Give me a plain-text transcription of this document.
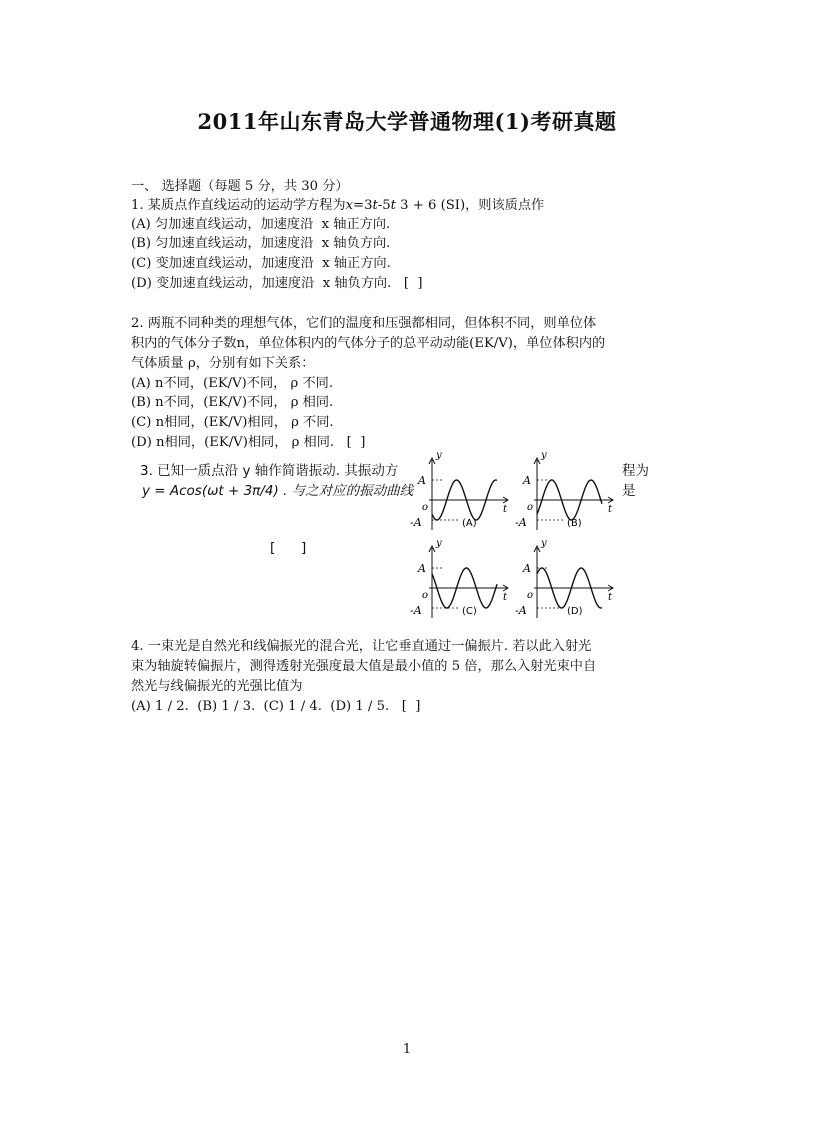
2011年山东青岛大学普通物理(1)考研真题
一、 选择题（每题 5 分，共 30 分）
1. 某质点作直线运动的运动学方程为x=3t-5t 3 + 6 (SI)，则该质点作
(A) 匀加速直线运动，加速度沿  x 轴正方向.
(B) 匀加速直线运动，加速度沿  x 轴负方向.
(C) 变加速直线运动，加速度沿  x 轴正方向.
(D) 变加速直线运动，加速度沿  x 轴负方向.   [  ]
2. 两瓶不同种类的理想气体，它们的温度和压强都相同，但体积不同，则单位体
积内的气体分子数n，单位体积内的气体分子的总平动动能(EK/V)，单位体积内的
气体质量 ρ，分别有如下关系：
(A) n不同，(EK/V)不同， ρ 不同.
(B) n不同，(EK/V)不同， ρ 相同.
(C) n相同，(EK/V)相同， ρ 不同.
(D) n相同，(EK/V)相同， ρ 相同.   [  ]
3. 已知一质点沿 y 轴作简谐振动. 其振动方	程为
y = Acos(ωt + 3π/4) . 与之对应的振动曲线	是
[      ]
A
-A
o	t
y
(A)
A
-A
o	t
y
(B)
A
-A
o	t
y
(C)
A
-A
o	t
y
(D)
4. 一束光是自然光和线偏振光的混合光，让它垂直通过一偏振片. 若以此入射光
束为轴旋转偏振片，测得透射光强度最大值是最小值的 5 倍，那么入射光束中自
然光与线偏振光的光强比值为
(A) 1 / 2.  (B) 1 / 3.  (C) 1 / 4.  (D) 1 / 5.   [  ]
1
